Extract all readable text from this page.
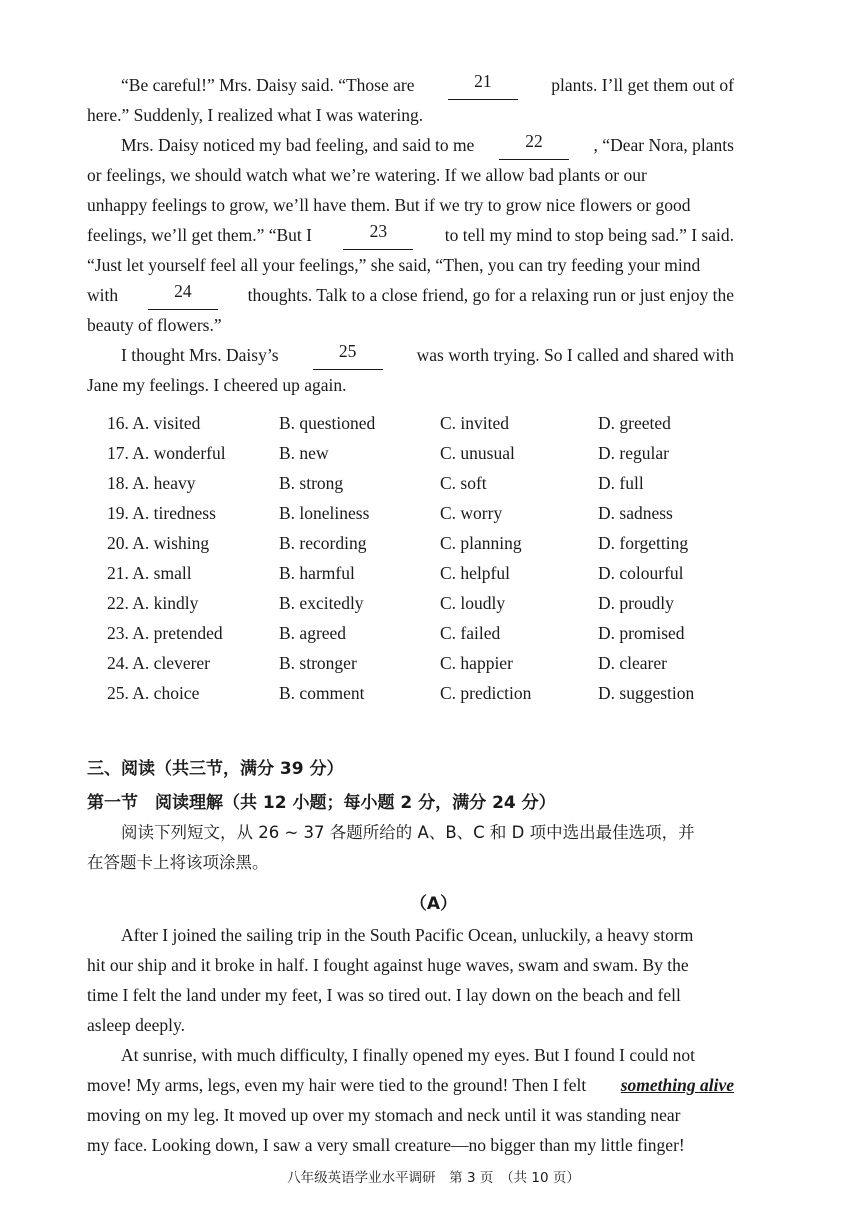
“Be careful!” Mrs. Daisy said. “Those are	21	plants. I’ll get them out of
here.” Suddenly, I realized what I was watering.
Mrs. Daisy noticed my bad feeling, and said to me	22	, “Dear Nora, plants
or feelings, we should watch what we’re watering. If we allow bad plants or our
unhappy feelings to grow, we’ll have them. But if we try to grow nice flowers or good
feelings, we’ll get them.” “But I	23	to tell my mind to stop being sad.” I said.
“Just let yourself feel all your feelings,” she said, “Then, you can try feeding your mind
with	24	thoughts. Talk to a close friend, go for a relaxing run or just enjoy the
beauty of flowers.”
I thought Mrs. Daisy’s	25	was worth trying. So I called and shared with
Jane my feelings. I cheered up again.
16. A. visited	B. questioned	C. invited	D. greeted
17. A. wonderful	B. new	C. unusual	D. regular
18. A. heavy	B. strong	C. soft	D. full
19. A. tiredness	B. loneliness	C. worry	D. sadness
20. A. wishing	B. recording	C. planning	D. forgetting
21. A. small	B. harmful	C. helpful	D. colourful
22. A. kindly	B. excitedly	C. loudly	D. proudly
23. A. pretended	B. agreed	C. failed	D. promised
24. A. cleverer	B. stronger	C. happier	D. clearer
25. A. choice	B. comment	C. prediction	D. suggestion
三、阅读（共三节，满分 39 分）
第一节　阅读理解（共 12 小题；每小题 2 分，满分 24 分）
阅读下列短文，从 26 ~ 37 各题所给的 A、B、C 和 D 项中选出最佳选项，并
在答题卡上将该项涂黑。
（A）
After I joined the sailing trip in the South Pacific Ocean, unluckily, a heavy storm
hit our ship and it broke in half. I fought against huge waves, swam and swam. By the
time I felt the land under my feet, I was so tired out. I lay down on the beach and fell
asleep deeply.
At sunrise, with much difficulty, I finally opened my eyes. But I found I could not
move! My arms, legs, even my hair were tied to the ground! Then I felt something alive
moving on my leg. It moved up over my stomach and neck until it was standing near
my face. Looking down, I saw a very small creature—no bigger than my little finger!
八年级英语学业水平调研　第 3 页　（共 10 页）
